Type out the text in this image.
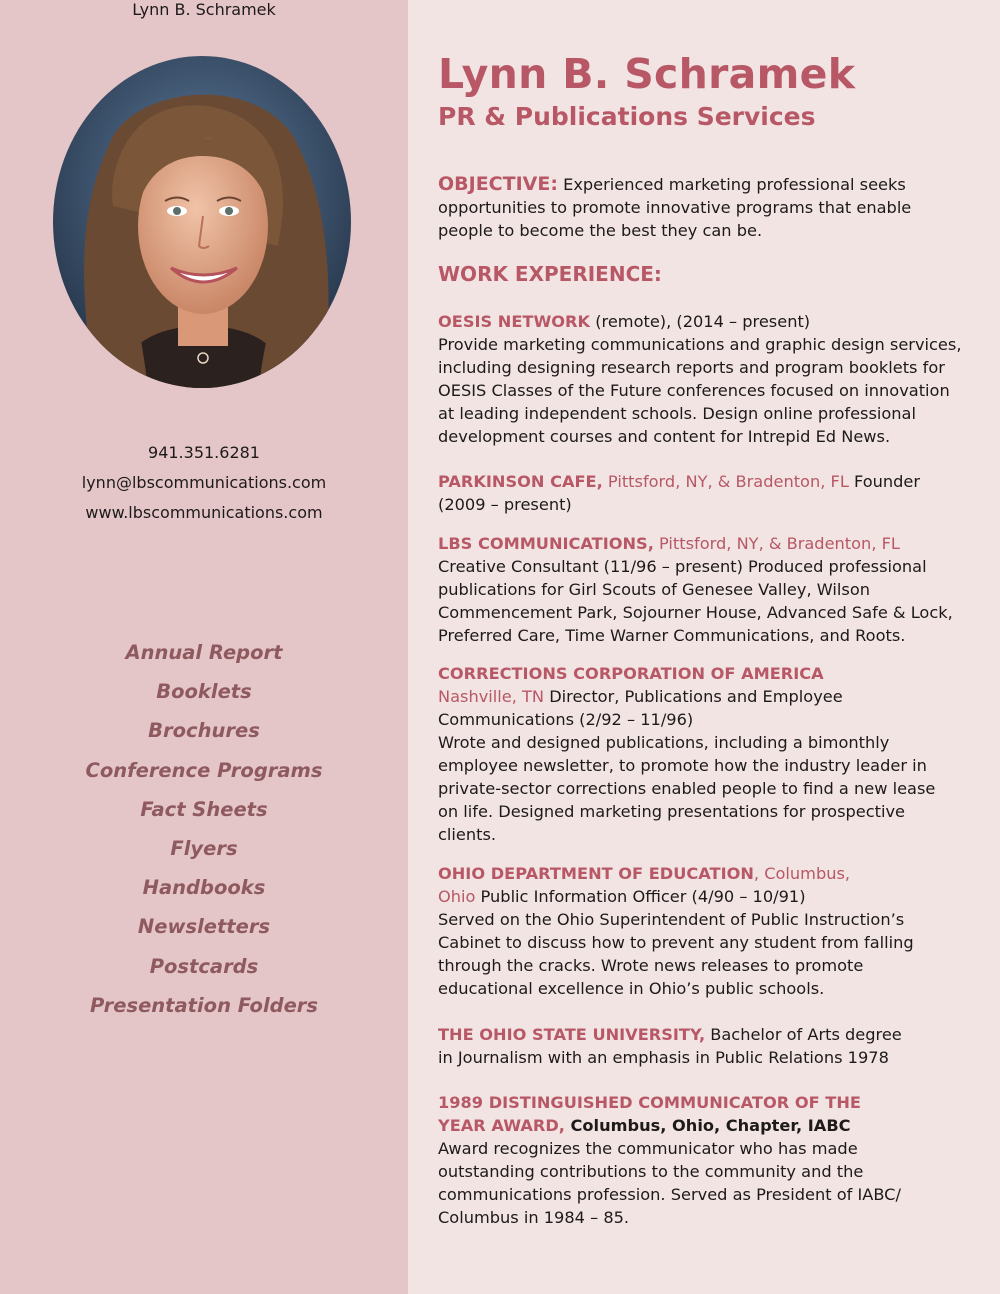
Lynn B. Schramek
941.351.6281
lynn@lbscommunications.com
www.lbscommunications.com
Annual Report
Booklets
Brochures
Conference Programs
Fact Sheets
Flyers
Handbooks
Newsletters
Postcards
Presentation Folders
Lynn B. Schramek
PR & Publications Services
OBJECTIVE: Experienced marketing professional seeks
opportunities to promote innovative programs that enable
people to become the best they can be.
WORK EXPERIENCE:
OESIS NETWORK (remote), (2014 – present)
Provide marketing communications and graphic design services,
including designing research reports and program booklets for
OESIS Classes of the Future conferences focused on innovation
at leading independent schools. Design online professional
development courses and content for Intrepid Ed News.
PARKINSON CAFE, Pittsford, NY, & Bradenton, FL Founder
(2009 – present)
LBS COMMUNICATIONS, Pittsford, NY, & Bradenton, FL
Creative Consultant (11/96 – present) Produced professional
publications for Girl Scouts of Genesee Valley, Wilson
Commencement Park, Sojourner House, Advanced Safe & Lock,
Preferred Care, Time Warner Communications, and Roots.
CORRECTIONS CORPORATION OF AMERICA
Nashville, TN Director, Publications and Employee
Communications (2/92 – 11/96)
Wrote and designed publications, including a bimonthly
employee newsletter, to promote how the industry leader in
private-sector corrections enabled people to find a new lease
on life. Designed marketing presentations for prospective
clients.
OHIO DEPARTMENT OF EDUCATION, Columbus,
Ohio Public Information Officer (4/90 – 10/91)
Served on the Ohio Superintendent of Public Instruction’s
Cabinet to discuss how to prevent any student from falling
through the cracks. Wrote news releases to promote
educational excellence in Ohio’s public schools.
THE OHIO STATE UNIVERSITY, Bachelor of Arts degree
in Journalism with an emphasis in Public Relations 1978
1989 DISTINGUISHED COMMUNICATOR OF THE
YEAR AWARD, Columbus, Ohio, Chapter, IABC
Award recognizes the communicator who has made
outstanding contributions to the community and the
communications profession. Served as President of IABC/
Columbus in 1984 – 85.
